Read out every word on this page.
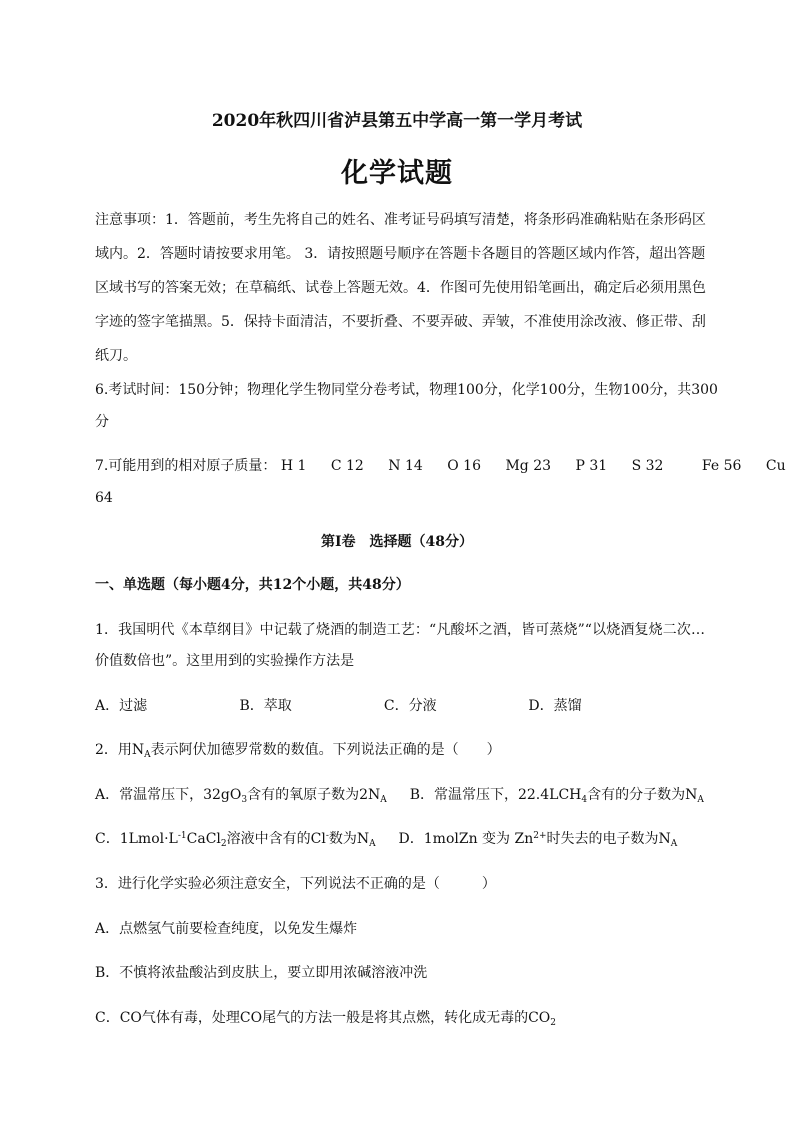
2020年秋四川省泸县第五中学高一第一学月考试
化学试题
注意事项：1．答题前，考生先将自己的姓名、准考证号码填写清楚，将条形码准确粘贴在条形码区
域内。2．答题时请按要求用笔。 3．请按照题号顺序在答题卡各题目的答题区域内作答，超出答题
区域书写的答案无效；在草稿纸、试卷上答题无效。4．作图可先使用铅笔画出，确定后必须用黑色
字迹的签字笔描黑。5．保持卡面清洁，不要折叠、不要弄破、弄皱，不准使用涂改液、修正带、刮
纸刀。
6.考试时间：150分钟；物理化学生物同堂分卷考试，物理100分，化学100分，生物100分，共300
分
7.可能用到的相对原子质量： H 1 C 12 N 14 O 16 Mg 23 P 31 S 32	Fe 56 Cu
64
第Ⅰ卷　选择题（48分）
一、单选题（每小题4分，共12个小题，共48分）
1．我国明代《本草纲目》中记载了烧酒的制造工艺：“凡酸坏之酒，皆可蒸烧”“以烧酒复烧二次…
价值数倍也”。这里用到的实验操作方法是
A．过滤	B．萃取	C．分液	D．蒸馏
2．用$N_A$表示阿伏加德罗常数的数值。下列说法正确的是（　　）
A．常温常压下，$32gO_3$含有的氧原子数为$2N_A$ B．常温常压下，$22.4LCH_4$含有的分子数为$N_A$
C．$1Lmol\cdot L^{-1}CaCl_2$溶液中含有的Cl-数为$N_A$ D．1molZn 变为 $Zn^{2+}$时失去的电子数为$N_A$
3．进行化学实验必须注意安全，下列说法不正确的是（　　　）
A．点燃氢气前要检查纯度，以免发生爆炸
B．不慎将浓盐酸沾到皮肤上，要立即用浓碱溶液冲洗
C．CO气体有毒，处理CO尾气的方法一般是将其点燃，转化成无毒的$CO_2$
